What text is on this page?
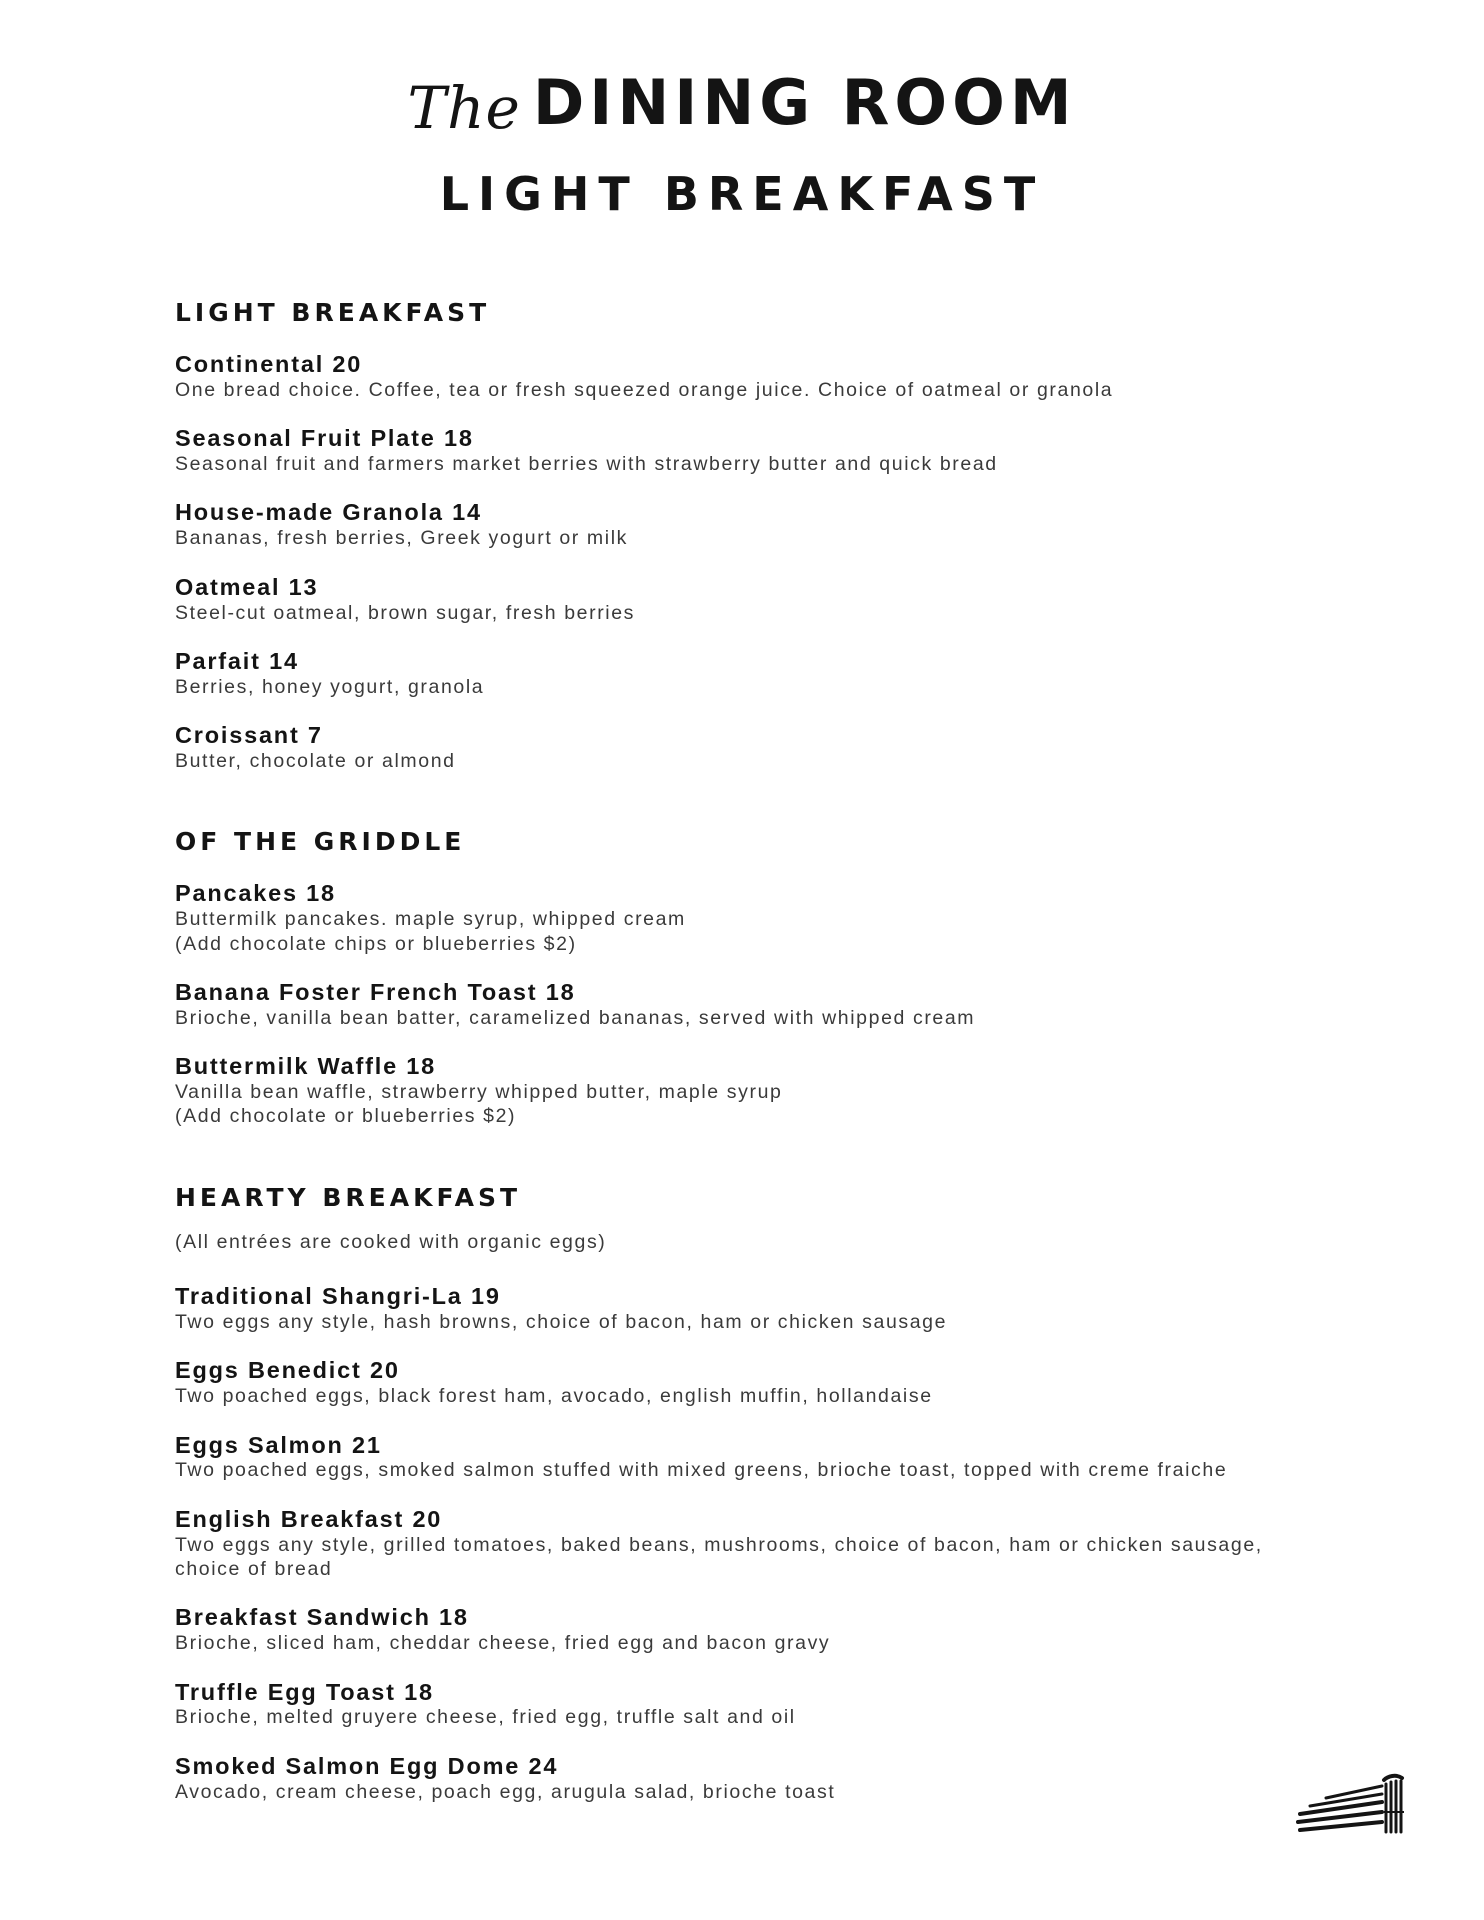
The DINING ROOM
LIGHT BREAKFAST
LIGHT BREAKFAST
Continental 20
One bread choice. Coffee, tea or fresh squeezed orange juice. Choice of oatmeal or granola
Seasonal Fruit Plate 18
Seasonal fruit and farmers market berries with strawberry butter and quick bread
House-made Granola 14
Bananas, fresh berries, Greek yogurt or milk
Oatmeal 13
Steel-cut oatmeal, brown sugar, fresh berries
Parfait 14
Berries, honey yogurt, granola
Croissant 7
Butter, chocolate or almond
OF THE GRIDDLE
Pancakes 18
Buttermilk pancakes. maple syrup, whipped cream
(Add chocolate chips or blueberries $2)
Banana Foster French Toast 18
Brioche, vanilla bean batter, caramelized bananas, served with whipped cream
Buttermilk Waffle 18
Vanilla bean waffle, strawberry whipped butter, maple syrup
(Add chocolate or blueberries $2)
HEARTY BREAKFAST
(All entrées are cooked with organic eggs)
Traditional Shangri-La 19
Two eggs any style, hash browns, choice of bacon, ham or chicken sausage
Eggs Benedict 20
Two poached eggs, black forest ham, avocado, english muffin, hollandaise
Eggs Salmon 21
Two poached eggs, smoked salmon stuffed with mixed greens, brioche toast, topped with creme fraiche
English Breakfast 20
Two eggs any style, grilled tomatoes, baked beans, mushrooms, choice of bacon, ham or chicken sausage,
choice of bread
Breakfast Sandwich 18
Brioche, sliced ham, cheddar cheese, fried egg and bacon gravy
Truffle Egg Toast 18
Brioche, melted gruyere cheese, fried egg, truffle salt and oil
Smoked Salmon Egg Dome 24
Avocado, cream cheese, poach egg, arugula salad, brioche toast
